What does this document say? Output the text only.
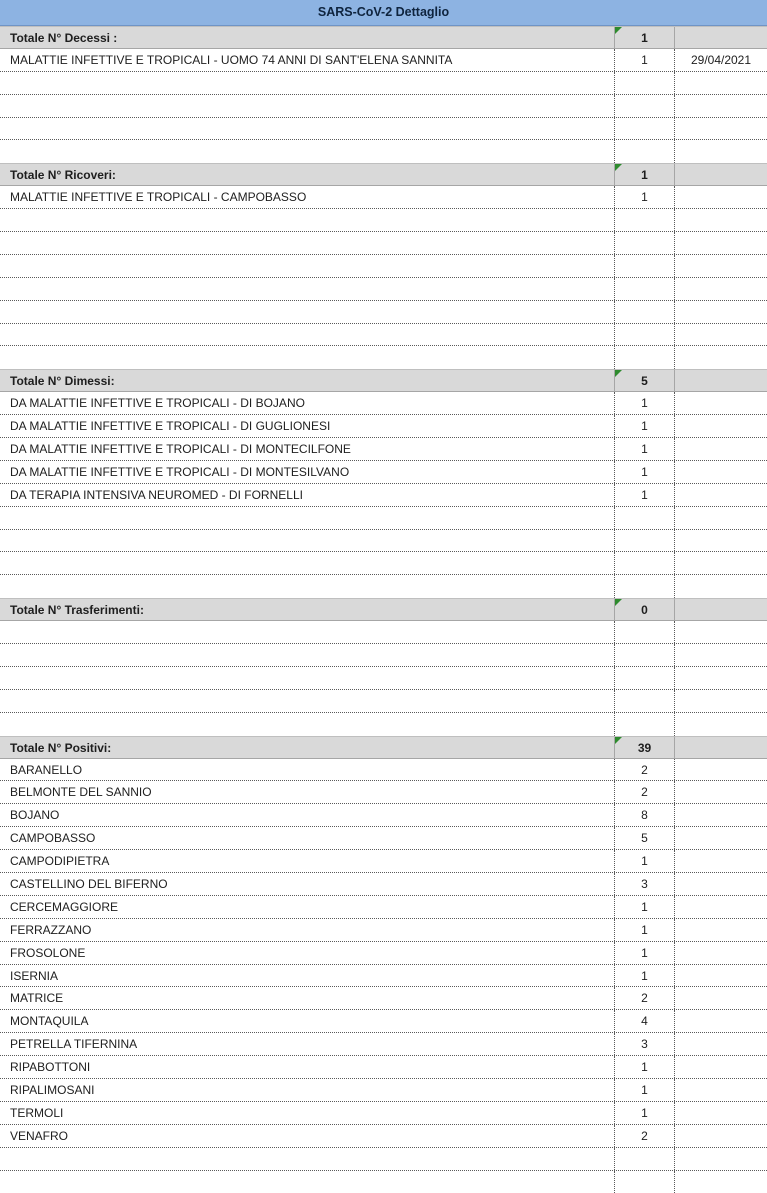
SARS-CoV-2 Dettaglio
Totale N° Decessi :	1
MALATTIE INFETTIVE E TROPICALI - UOMO 74 ANNI DI SANT'ELENA SANNITA	1	29/04/2021
Totale N° Ricoveri:	1
MALATTIE INFETTIVE E TROPICALI - CAMPOBASSO	1
Totale N° Dimessi:	5
DA MALATTIE INFETTIVE E TROPICALI - DI BOJANO	1
DA MALATTIE INFETTIVE E TROPICALI - DI GUGLIONESI	1
DA MALATTIE INFETTIVE E TROPICALI - DI MONTECILFONE	1
DA MALATTIE INFETTIVE E TROPICALI - DI MONTESILVANO	1
DA TERAPIA INTENSIVA NEUROMED - DI FORNELLI	1
Totale N° Trasferimenti:	0
Totale N° Positivi:	39
BARANELLO	2
BELMONTE DEL SANNIO	2
BOJANO	8
CAMPOBASSO	5
CAMPODIPIETRA	1
CASTELLINO DEL BIFERNO	3
CERCEMAGGIORE	1
FERRAZZANO	1
FROSOLONE	1
ISERNIA	1
MATRICE	2
MONTAQUILA	4
PETRELLA TIFERNINA	3
RIPABOTTONI	1
RIPALIMOSANI	1
TERMOLI	1
VENAFRO	2
